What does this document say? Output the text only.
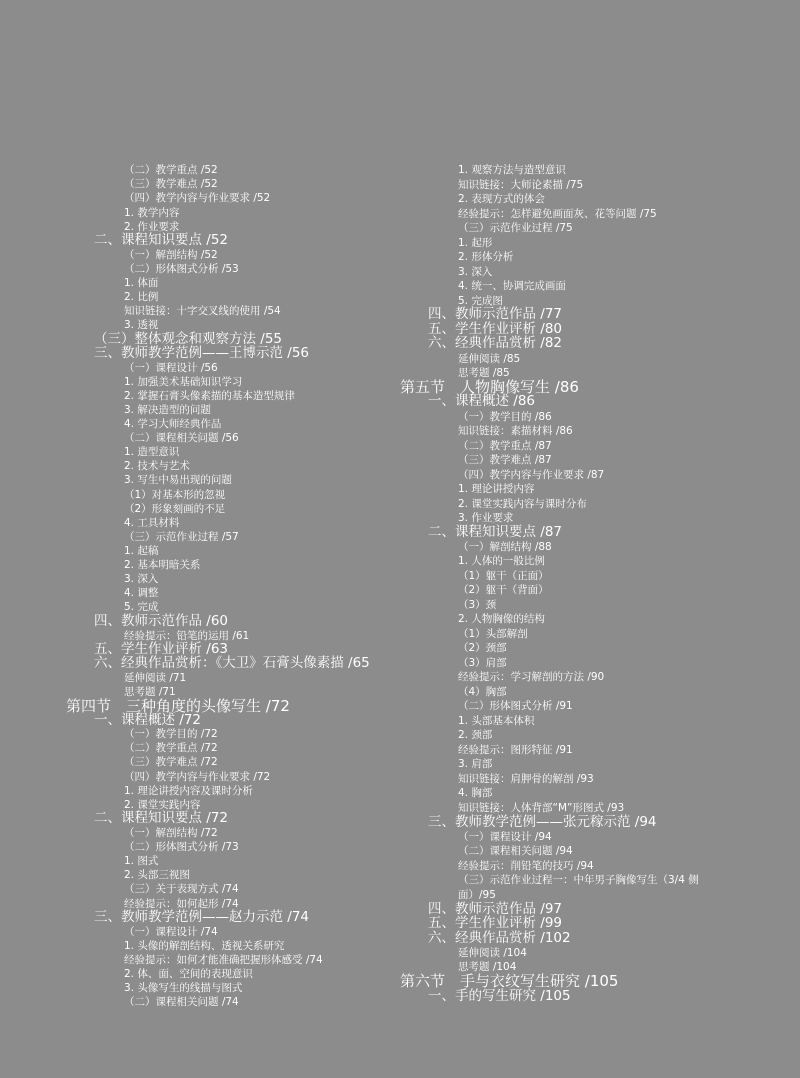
（二）教学重点 /52
（三）教学难点 /52
（四）教学内容与作业要求 /52
1. 教学内容
2. 作业要求
二、课程知识要点 /52
（一）解剖结构 /52
（二）形体图式分析 /53
1. 体面
2. 比例
知识链接：十字交叉线的使用 /54
3. 透视
（三）整体观念和观察方法 /55
三、教师教学范例——王博示范 /56
（一）课程设计 /56
1. 加强美术基础知识学习
2. 掌握石膏头像素描的基本造型规律
3. 解决造型的问题
4. 学习大师经典作品
（二）课程相关问题 /56
1. 造型意识
2. 技术与艺术
3. 写生中易出现的问题
（1）对基本形的忽视
（2）形象刻画的不足
4. 工具材料
（三）示范作业过程 /57
1. 起稿
2. 基本明暗关系
3. 深入
4. 调整
5. 完成
四、教师示范作品 /60
经验提示：铅笔的运用 /61
五、学生作业评析 /63
六、经典作品赏析：《大卫》石膏头像素描 /65
延伸阅读 /71
思考题 /71
第四节　三种角度的头像写生 /72
一、课程概述 /72
（一）教学目的 /72
（二）教学重点 /72
（三）教学难点 /72
（四）教学内容与作业要求 /72
1. 理论讲授内容及课时分析
2. 课堂实践内容
二、课程知识要点 /72
（一）解剖结构 /72
（二）形体图式分析 /73
1. 图式
2. 头部三视图
（三）关于表现方式 /74
经验提示：如何起形 /74
三、教师教学范例——赵力示范 /74
（一）课程设计 /74
1. 头像的解剖结构、透视关系研究
经验提示：如何才能准确把握形体感受 /74
2. 体、面、空间的表现意识
3. 头像写生的线描与图式
（二）课程相关问题 /74
1. 观察方法与造型意识
知识链接：大师论素描 /75
2. 表现方式的体会
经验提示：怎样避免画面灰、花等问题 /75
（三）示范作业过程 /75
1. 起形
2. 形体分析
3. 深入
4. 统一、协调完成画面
5. 完成图
四、教师示范作品 /77
五、学生作业评析 /80
六、经典作品赏析 /82
延伸阅读 /85
思考题 /85
第五节　人物胸像写生 /86
一、课程概述 /86
（一）教学目的 /86
知识链接：素描材料 /86
（二）教学重点 /87
（三）教学难点 /87
（四）教学内容与作业要求 /87
1. 理论讲授内容
2. 课堂实践内容与课时分布
3. 作业要求
二、课程知识要点 /87
（一）解剖结构 /88
1. 人体的一般比例
（1）躯干（正面）
（2）躯干（背面）
（3）颈
2. 人物胸像的结构
（1）头部解剖
（2）颈部
（3）肩部
经验提示：学习解剖的方法 /90
（4）胸部
（二）形体图式分析 /91
1. 头部基本体积
2. 颈部
经验提示：图形特征 /91
3. 肩部
知识链接：肩胛骨的解剖 /93
4. 胸部
知识链接：人体背部“M”形图式 /93
三、教师教学范例——张元稼示范 /94
（一）课程设计 /94
（二）课程相关问题 /94
经验提示：削铅笔的技巧 /94
（三）示范作业过程一：中年男子胸像写生（3/4 侧
面）/95
四、教师示范作品 /97
五、学生作业评析 /99
六、经典作品赏析 /102
延伸阅读 /104
思考题 /104
第六节　手与衣纹写生研究 /105
一、手的写生研究 /105
